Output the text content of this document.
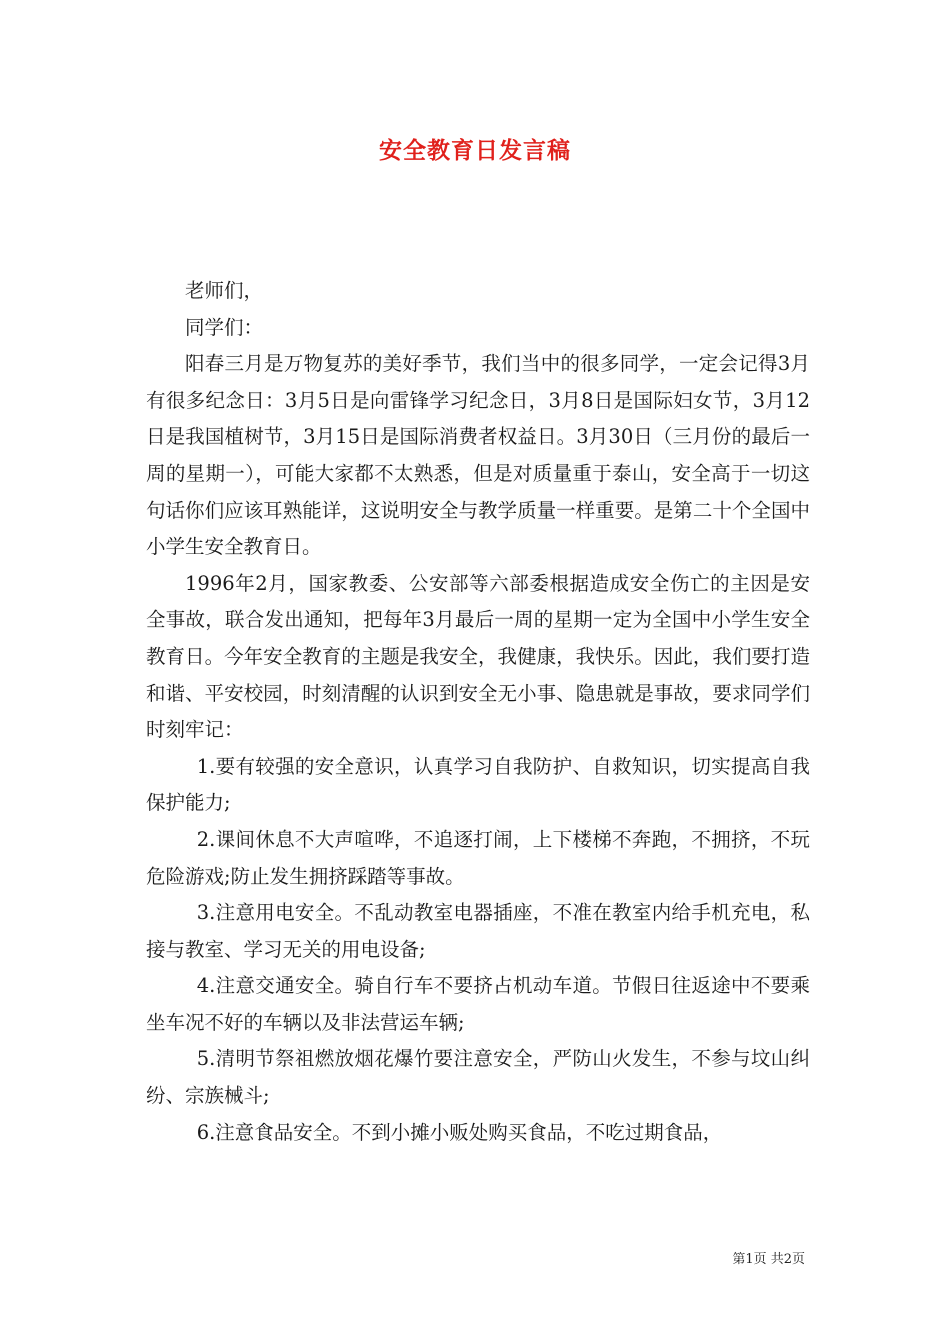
安全教育日发言稿

老师们，

同学们：

阳春三月是万物复苏的美好季节，我们当中的很多同学，一定会记得3月有很多纪念日：3月5日是向雷锋学习纪念日，3月8日是国际妇女节，3月12日是我国植树节，3月15日是国际消费者权益日。3月30日（三月份的最后一周的星期一），可能大家都不太熟悉，但是对质量重于泰山，安全高于一切这句话你们应该耳熟能详，这说明安全与教学质量一样重要。是第二十个全国中小学生安全教育日。

1996年2月，国家教委、公安部等六部委根据造成安全伤亡的主因是安全事故，联合发出通知，把每年3月最后一周的星期一定为全国中小学生安全教育日。今年安全教育的主题是我安全，我健康，我快乐。因此，我们要打造和谐、平安校园，时刻清醒的认识到安全无小事、隐患就是事故，要求同学们时刻牢记：

1.要有较强的安全意识，认真学习自我防护、自救知识，切实提高自我保护能力;

2.课间休息不大声喧哗，不追逐打闹，上下楼梯不奔跑，不拥挤，不玩危险游戏;防止发生拥挤踩踏等事故。

3.注意用电安全。不乱动教室电器插座，不准在教室内给手机充电，私接与教室、学习无关的用电设备;

4.注意交通安全。骑自行车不要挤占机动车道。节假日往返途中不要乘坐车况不好的车辆以及非法营运车辆;

5.清明节祭祖燃放烟花爆竹要注意安全，严防山火发生，不参与坟山纠纷、宗族械斗;

6.注意食品安全。不到小摊小贩处购买食品，不吃过期食品，

第1页 共2页
